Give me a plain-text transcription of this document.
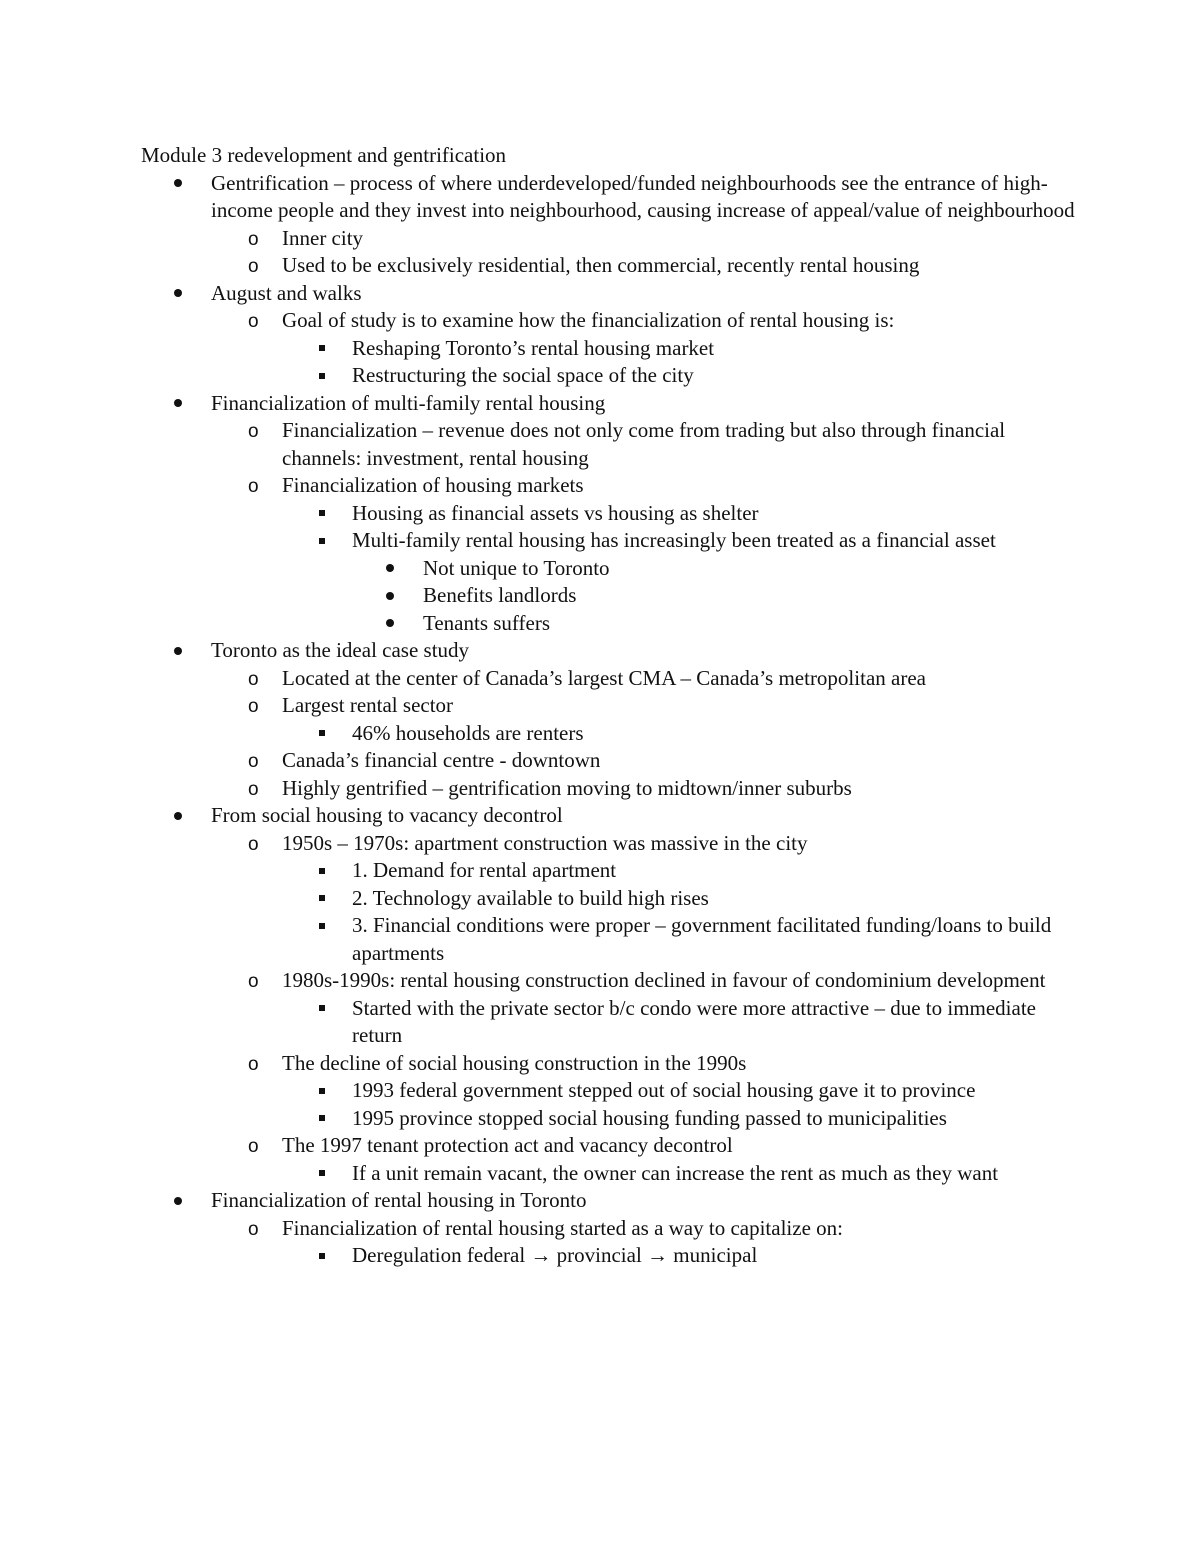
Module 3 redevelopment and gentrification

Gentrification – process of where underdeveloped/funded neighbourhoods see the entrance of high-income people and they invest into neighbourhood, causing increase of appeal/value of neighbourhood
o Inner city
o Used to be exclusively residential, then commercial, recently rental housing
August and walks
o Goal of study is to examine how the financialization of rental housing is:
Reshaping Toronto’s rental housing market
Restructuring the social space of the city
Financialization of multi-family rental housing
o Financialization – revenue does not only come from trading but also through financial channels: investment, rental housing
o Financialization of housing markets
Housing as financial assets vs housing as shelter
Multi-family rental housing has increasingly been treated as a financial asset
Not unique to Toronto
Benefits landlords
Tenants suffers
Toronto as the ideal case study
o Located at the center of Canada’s largest CMA – Canada’s metropolitan area
o Largest rental sector
46% households are renters
o Canada’s financial centre - downtown
o Highly gentrified – gentrification moving to midtown/inner suburbs
From social housing to vacancy decontrol
o 1950s – 1970s: apartment construction was massive in the city
1. Demand for rental apartment
2. Technology available to build high rises
3. Financial conditions were proper – government facilitated funding/loans to build apartments
o 1980s-1990s: rental housing construction declined in favour of condominium development
Started with the private sector b/c condo were more attractive – due to immediate return
o The decline of social housing construction in the 1990s
1993 federal government stepped out of social housing gave it to province
1995 province stopped social housing funding passed to municipalities
o The 1997 tenant protection act and vacancy decontrol
If a unit remain vacant, the owner can increase the rent as much as they want
Financialization of rental housing in Toronto
o Financialization of rental housing started as a way to capitalize on:
Deregulation federal → provincial → municipal
